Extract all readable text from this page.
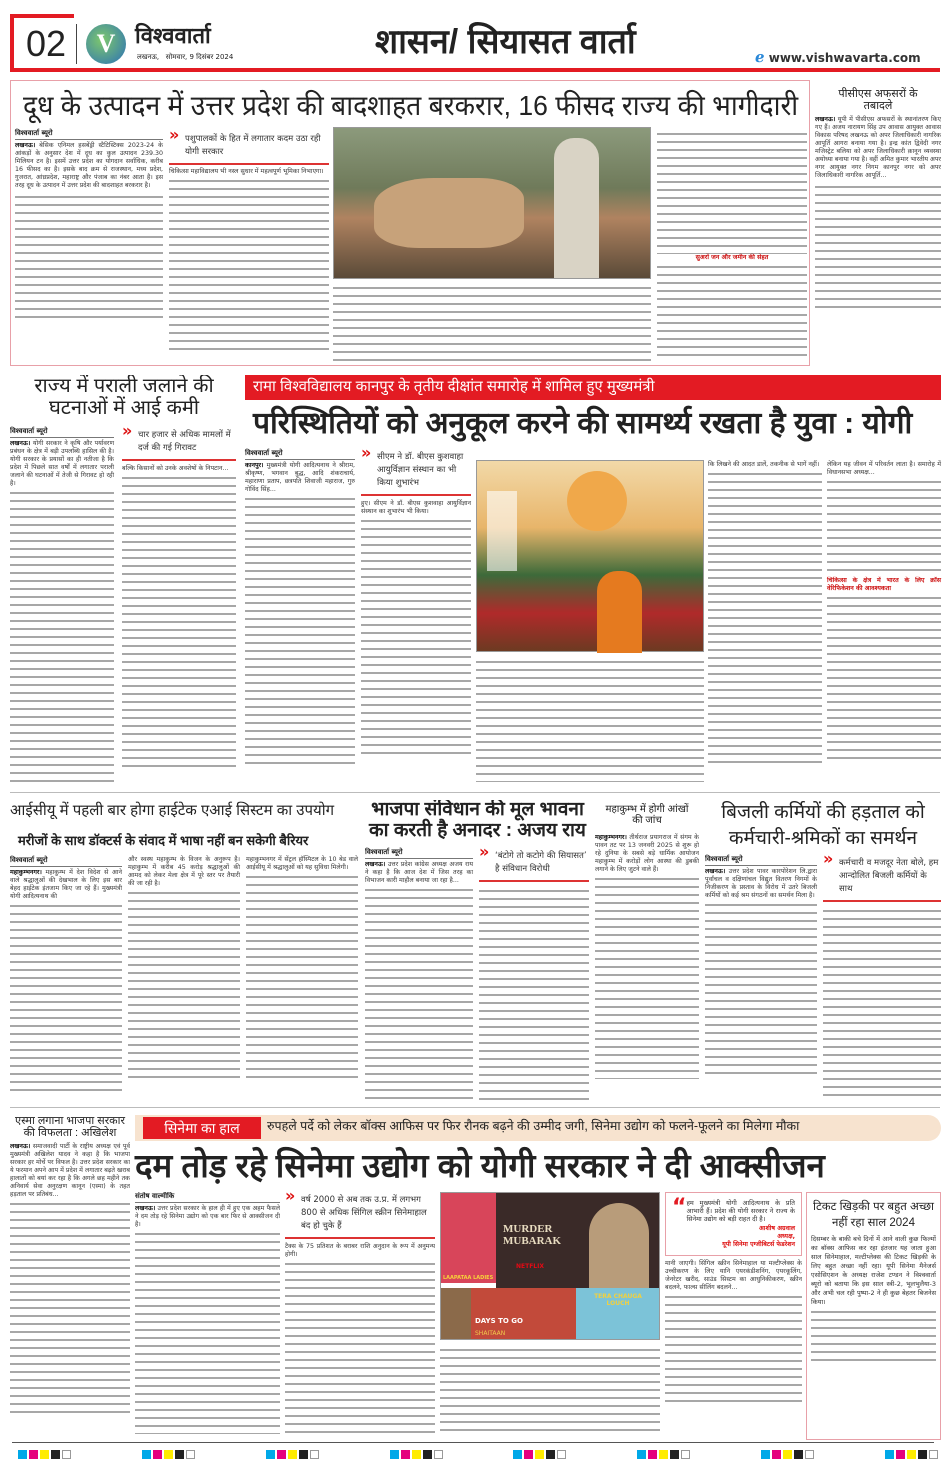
02	V विश्ववार्ता
लखनऊ,   सोमवार, 9 दिसंबर 2024	शासन/ सियासत वार्ता	ℯ www.vishwavarta.com
दूध के उत्पादन में उत्तर प्रदेश की बादशाहत बरकरार, 16 फीसद राज्य की भागीदारी
विश्ववार्ता ब्यूरो
लखनऊ। बेसिक एनिमल हसबेंड्री स्टैटिस्टिक्स 2023-24 के आंकड़ों के अनुसार देश में दूध का कुल उत्पादन 239.30 मिलियन टन है। इसमें उत्तर प्रदेश का योगदान सर्वाधिक, करीब 16 फीसद का है। इसके बाद क्रम से राजस्थान, मध्य प्रदेश, गुजरात, आंध्रप्रदेश, महाराष्ट्र और पंजाब का नंबर आता है। इस तरह दूध के उत्पादन में उत्तर प्रदेश की बादशाहत बरकरार है।
» पशुपालकों के हित में लगातार कदम उठा रही योगी सरकार
चिकित्सा महाविद्यालय भी नस्ल सुधार में महत्वपूर्ण भूमिका निभाएगा।
सुअरों जन और जमीन की सेहत
पीसीएस अफसरों के तबादले
लखनऊ। यूपी में पीसीएस अफसरों के स्थानांतरण किए गए हैं। अजय नारायण सिंह उप आवास आयुक्त आवास विकास परिषद लखनऊ को अपर जिलाधिकारी नागरिक आपूर्ति आगरा बनाया गया है। इन्द्र कांत द्विवेदी नगर मजिस्ट्रेट बलिया को अपर जिलाधिकारी क़ानून व्यवस्था अयोध्या बनाया गया है। वहीं अमित कुमार भारतीय अपर नगर आयुक्त नगर निगम कानपुर नगर को अपर जिलाधिकारी नागरिक आपूर्ति...
राज्य में पराली जलाने की घटनाओं में आई कमी
विश्ववार्ता ब्यूरो
लखनऊ। योगी सरकार ने कृषि और पर्यावरण प्रबंधन के क्षेत्र में बड़ी उपलब्धि हासिल की है। योगी सरकार के प्रयासों का ही नतीजा है कि प्रदेश में पिछले सात वर्षों में लगातार पराली जलाने की घटनाओं में तेजी से गिरावट हो रही है।
» चार हजार से अधिक मामलों में दर्ज की गई गिरावट
बल्कि किसानों को उनके अवशेषों के निपटान...
रामा विश्वविद्यालय कानपुर के तृतीय दीक्षांत समारोह में शामिल हुए मुख्यमंत्री
परिस्थितियों को अनुकूल करने की सामर्थ्य रखता है युवा : योगी
विश्ववार्ता ब्यूरो
कानपुर। मुख्यमंत्री योगी आदित्यनाथ ने श्रीराम, श्रीकृष्ण, भगवान बुद्ध, आदि शंकराचार्य, महाराणा प्रताप, छत्रपति शिवाजी महाराज, गुरु गोविंद सिंह...
» सीएम ने डॉ. बीएस कुशवाहा आयुर्विज्ञान संस्थान का भी किया शुभारंभ
हुए। सीएम ने डॉ. बीएस कुशवाहा आयुर्विज्ञान संस्थान का शुभारंभ भी किया।
कि लिखने की आदत डालें, तकनीक से भागें नहीं।	लेकिन यह जीवन में परिवर्तन लाता है। समारोह में विधानसभा अध्यक्ष...
चिकित्सा के क्षेत्र में भारत के लिए क्रॉस वेरिफिकेशन की आवश्यकता
आईसीयू में पहली बार होगा हाईटेक एआई सिस्टम का उपयोग
मरीजों के साथ डॉक्टर्स के संवाद में भाषा नहीं बन सकेगी बैरियर
विश्ववार्ता ब्यूरो
महाकुम्भनगर। महाकुम्भ में देश विदेश से आने वाले श्रद्धालुओं की देखभाल के लिए इस बार बेहद हाईटेक इंतजाम किए जा रहे हैं। मुख्यमंत्री योगी आदित्यनाथ की
और स्वस्थ महाकुम्भ के विजन के अनुरूप है। महाकुम्भ में करीब 45 करोड़ श्रद्धालुओं की आमद को लेकर मेला क्षेत्र में पूरे स्तर पर तैयारी की जा रही है।
महाकुम्भनगर में सेंट्रल हॉस्पिटल के 10 बेड वाले आईसीयू में श्रद्धालुओं को यह सुविधा मिलेगी।
भाजपा संविधान की मूल भावना का करती है अनादर : अजय राय
विश्ववार्ता ब्यूरो
लखनऊ। उत्तर प्रदेश कांग्रेस अध्यक्ष अजय राय ने कहा है कि आज देश में जिस तरह का विभाजन कारी माहौल बनाया जा रहा है...
» ‘बंटोगे तो कटोगे की सियासत’ है संविधान विरोधी
महाकुम्भ में होगी आंखों की जांच
महाकुम्भनगर। तीर्थराज प्रयागराज में संगम के पावन तट पर 13 जनवरी 2025 से शुरू हो रहे दुनिया के सबसे बड़े धार्मिक आयोजन महाकुम्भ में करोड़ों लोग आस्था की डुबकी लगाने के लिए जुटने वाले हैं।
बिजली कर्मियों की हड़ताल को कर्मचारी-श्रमिकों का समर्थन
विश्ववार्ता ब्यूरो
लखनऊ। उत्तर प्रदेश पावर कारपोरेशन लि.द्वारा पूर्वांचल व दक्षिणांचल विद्युत वितरण निगमों के निजीकरण के प्रस्ताव के विरोध में उतरे बिजली कर्मियों को कई श्रम संगठनों का समर्थन मिला है।
» कर्मचारी व मजदूर नेता बोले, हम आन्दोलित बिजली कर्मियों के साथ
एस्मा लगाना भाजपा सरकार की विफलता : अखिलेश
लखनऊ। समाजवादी पार्टी के राष्ट्रीय अध्यक्ष एवं पूर्व मुख्यमंत्री अखिलेश यादव ने कहा है कि भाजपा सरकार हर मोर्चे पर विफल है। उत्तर प्रदेश सरकार का ये फरमान अपने आप में प्रदेश में लगातार बढ़ते खराब हालातों को बयां कर रहा है कि अगले छह महीने तक अनिवार्य सेवा अनुरक्षण कानून (एस्मा) के तहत हड़ताल पर प्रतिबंध...
सिनेमा का हाल	रुपहले पर्दे को लेकर बॉक्स आफिस पर फिर रौनक बढ़ने की उम्मीद जगी, सिनेमा उद्योग को फलने-फूलने का मिलेगा मौका
दम तोड़ रहे सिनेमा उद्योग को योगी सरकार ने दी आक्सीजन
संतोष वाल्मीकि
लखनऊ। उत्तर प्रदेश सरकार के हाल ही में हुए एक अहम फैसले ने दम तोड़ रहे सिनेमा उद्योग को एक बार फिर से आक्सीजन दी है।
» वर्ष 2000 से अब तक उ.प्र. में लगभग 800 से अधिक सिंगिल स्क्रीन सिनेमाहाल बंद हो चुके हैं
टैक्स के 75 प्रतिशत के बराबर राशि अनुदान के रूप में अनुमन्य होगी।
MURDER MUBARAK
NETFLIX
LAAPATAA LADIES
DAYS TO GO
SHAITAAN
TERA CHAUGA LOUCH
“ हम मुख्यमंत्री योगी आदित्यनाथ के प्रति आभारी हैं। प्रदेश की योगी सरकार ने राज्य के सिनेमा उद्योग को बड़ी राहत दी है।
आशीष अग्रवाल
अध्यक्ष,
यूपी सिनेमा एग्जीबिटर्स फेडरेशन
मानी जाएगी। सिंगिल स्क्रीन सिनेमाहाल या मल्टीप्लेक्स के उच्चीकरण के लिए यानि एयरकंडीशनिंग, एयरकूलिंग, जेनरेटर खरीद, साउंड सिस्टम का आधुनिकीकरण, स्क्रीन बदलने, फाल्स सीलिंग बदलने...
टिकट खिड़की पर बहुत अच्छा नहीं रहा साल 2024
दिसम्बर के बाकी बचे दिनों में आने वाली कुछ फिल्मों का बॉक्स आफिस कर रहा इंतजार यह जाता हुआ साल सिनेमाहाल, मल्टीप्लेक्स की टिकट खिड़की के लिए बहुत अच्छा नहीं रहा। यूपी सिनेमा मैनेजर्स एसोसिएशन के अध्यक्ष राजेश टण्डन ने विश्ववार्ता ब्यूरो को बताया कि इस साल स्त्री-2, भूलभुलैया-3 और अभी चल रही पुष्पा-2 ने ही कुछ बेहतर बिजनेस किया।
